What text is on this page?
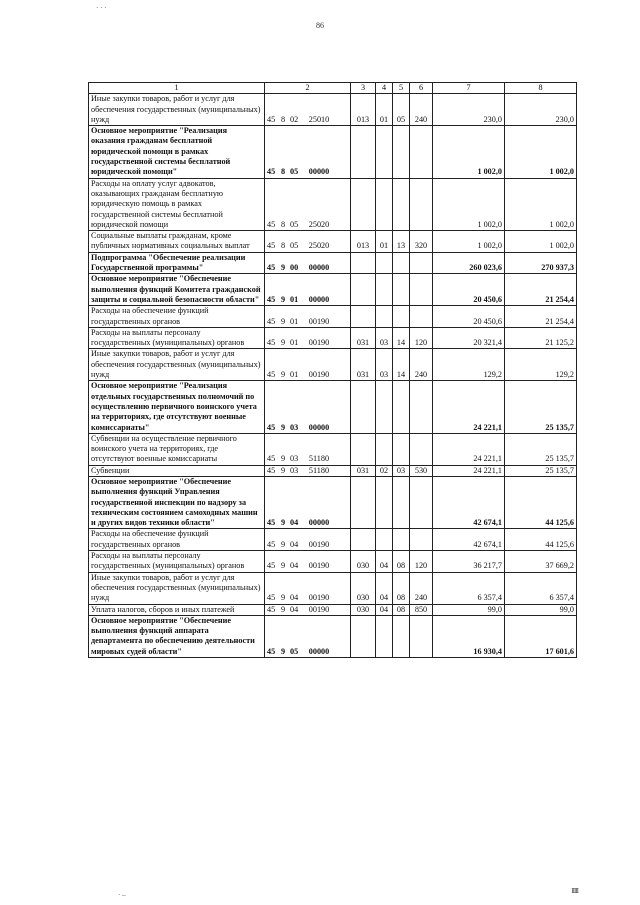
86
· · ·
· –	IIIII
1	2	3	4	5	6	7	8
Иные закупки товаров, работ и услуг для обеспечения государственных (муниципальных) нужд	45 8 02 25010	013	01	05	240	230,0	230,0
Основное мероприятие "Реализация оказания гражданам бесплатной юридической помощи в рамках государственной системы бесплатной юридической помощи"	45 8 05 00000					1 002,0	1 002,0
Расходы на оплату услуг адвокатов, оказывающих гражданам бесплатную юридическую помощь в рамках государственной системы бесплатной юридической помощи	45 8 05 25020					1 002,0	1 002,0
Социальные выплаты гражданам, кроме публичных нормативных социальных выплат	45 8 05 25020	013	01	13	320	1 002,0	1 002,0
Подпрограмма "Обеспечение реализации Государственной программы"	45 9 00 00000					260 023,6	270 937,3
Основное мероприятие "Обеспечение выполнения функций Комитета гражданской защиты и социальной безопасности области"	45 9 01 00000					20 450,6	21 254,4
Расходы на обеспечение функций государственных органов	45 9 01 00190					20 450,6	21 254,4
Расходы на выплаты персоналу государственных (муниципальных) органов	45 9 01 00190	031	03	14	120	20 321,4	21 125,2
Иные закупки товаров, работ и услуг для обеспечения государственных (муниципальных) нужд	45 9 01 00190	031	03	14	240	129,2	129,2
Основное мероприятие "Реализация отдельных государственных полномочий по осуществлению первичного воинского учета на территориях, где отсутствуют военные комиссариаты"	45 9 03 00000					24 221,1	25 135,7
Субвенции на осуществление первичного воинского учета на территориях, где отсутствуют военные комиссариаты	45 9 03 51180					24 221,1	25 135,7
Субвенции	45 9 03 51180	031	02	03	530	24 221,1	25 135,7
Основное мероприятие "Обеспечение выполнения функций Управления государственной инспекции по надзору за техническим состоянием самоходных машин и других видов техники области"	45 9 04 00000					42 674,1	44 125,6
Расходы на обеспечение функций государственных органов	45 9 04 00190					42 674,1	44 125,6
Расходы на выплаты персоналу государственных (муниципальных) органов	45 9 04 00190	030	04	08	120	36 217,7	37 669,2
Иные закупки товаров, работ и услуг для обеспечения государственных (муниципальных) нужд	45 9 04 00190	030	04	08	240	6 357,4	6 357,4
Уплата налогов, сборов и иных платежей	45 9 04 00190	030	04	08	850	99,0	99,0
Основное мероприятие "Обеспечение выполнения функций аппарата департамента по обеспечению деятельности мировых судей области"	45 9 05 00000					16 930,4	17 601,6
